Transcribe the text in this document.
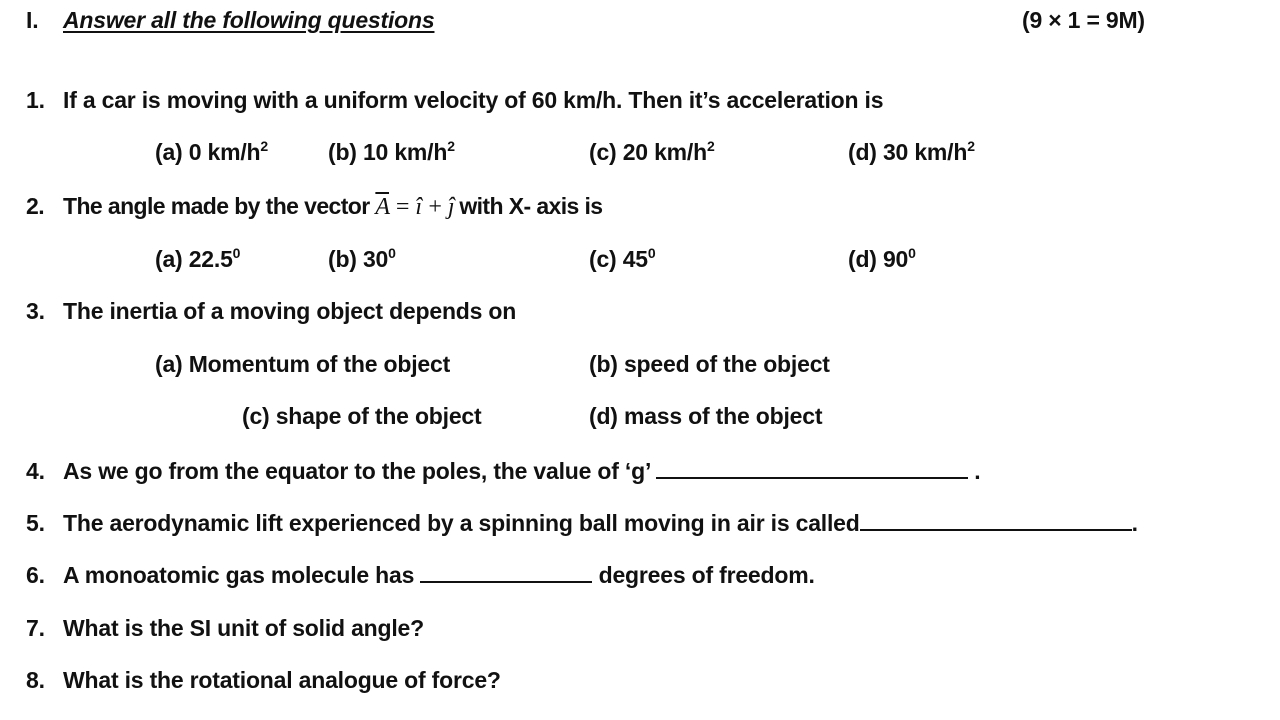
I. Answer all the following questions	(9 × 1 = 9M)
1. If a car is moving with a uniform velocity of 60 km/h. Then it’s acceleration is
(a) 0 $km/h^2$	(b) 10 $km/h^2$	(c) 20 $km/h^2$	(d) 30 $km/h^2$
2. The angle made by the vector $\overline{A}$ = î + ĵ with X- axis is
(a) 22.5$^0$	(b) $30^0$	(c) $45^0$	(d) $90^0$
3. The inertia of a moving object depends on
(a) Momentum of the object	(b) speed of the object
(c) shape of the object	(d) mass of the object
4. As we go from the equator to the poles, the value of ‘g’	.
5. The aerodynamic lift experienced by a spinning ball moving in air is called	.
6. A monoatomic gas molecule has	degrees of freedom.
7. What is the SI unit of solid angle?
8. What is the rotational analogue of force?
